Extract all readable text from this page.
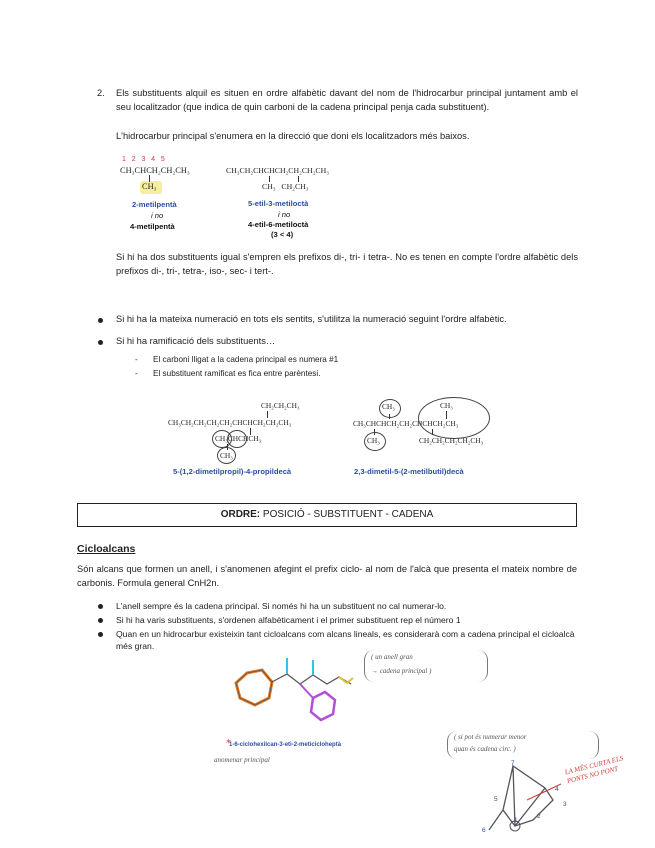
2. Els substituents alquil es situen en ordre alfabètic davant del nom de l'hidrocarbur principal juntament amb el seu localitzador (que indica de quin carboni de la cadena principal penja cada substituent).
L'hidrocarbur principal s'enumera en la direcció que doni els localitzadors més baixos.
1   2   3   4   5
CH₃CHCH₂CH₂CH₃
CH₃
2-metilpentà
i no
4-metilpentà
CH₃CH₂CHCHCH₂CH₂CH₂CH₃
CH₃   CH₂CH₃
5-etil-3-metiloctà
i no
4-etil-6-metiloctà
(3 < 4)
Si hi ha dos substituents igual s'empren els prefixos di-, tri- i tetra-. No es tenen en compte l'ordre alfabètic dels prefixos di-, tri-, tetra-, iso-, sec- i tert-.
Si hi ha la mateixa numeració en tots els sentits, s'utilitza la numeració seguint l'ordre alfabètic.
Si hi ha ramificació dels substituents…
- El carboni lligat a la cadena principal es numera #1
- El substituent ramificat es fica entre parèntesi.
CH₂CH₂CH₃
CH₃CH₂CH₂CH₂CH₂CHCHCH₂CH₂CH₃
CH₃CHCHCH₃
CH₃
5-(1,2-dimetilpropil)-4-propildecà
CH₃	CH₃
CH₃CHCHCH₂CH₂CHCHCH₂CH₃
CH₃	CH₂CH₂CH₂CH₂CH₃
2,3-dimetil-5-(2-metilbutil)decà
ORDRE: POSICIÓ - SUBSTITUENT - CADENA
Cicloalcans
Són alcans que formen un anell, i s'anomenen afegint el prefix ciclo- al nom de l'alcà que presenta el mateix nombre de carbonis. Formula general CnH2n.
L'anell sempre és la cadena principal. Si només hi ha un substituent no cal numerar-lo.
Si hi ha varis substituents, s'ordenen alfabèticament i el primer substituent rep el número 1
Quan en un hidrocarbur existeixin tant cicloalcans com alcans lineals, es considerarà com a cadena principal el cicloalcà més gran.
*
1-6-ciclohexilcan-3-eti-2-meticicloheptà
anomenar principal
( un anell gran
→ cadena principal )
( si pot és numerar menor
quan és cadena circ. )
LA MÉS CURTA ELS PONTS NO PONT
1
2
3
4
5
6
7
